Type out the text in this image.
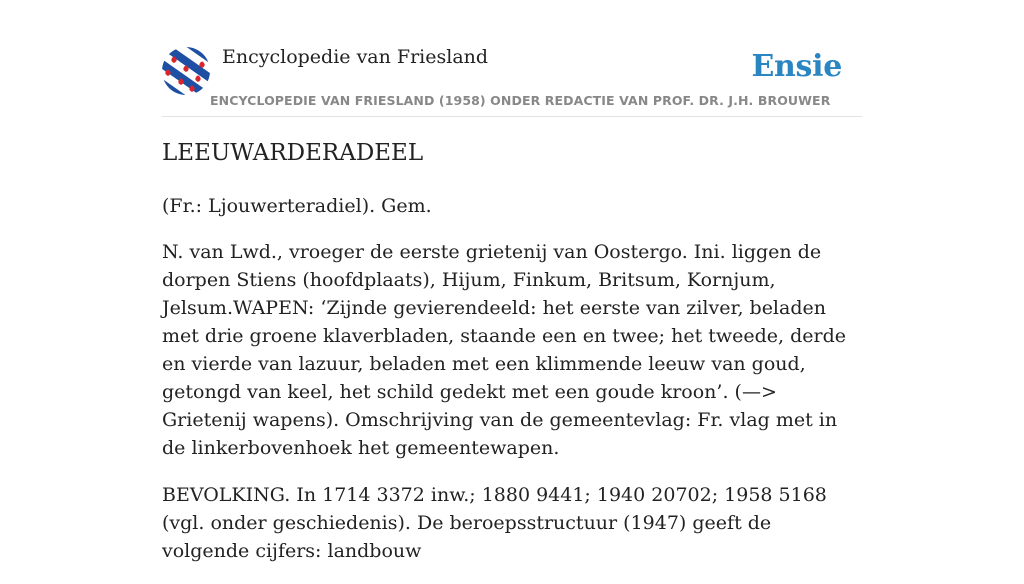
Encyclopedie van Friesland	Ensie
ENCYCLOPEDIE VAN FRIESLAND (1958) ONDER REDACTIE VAN PROF. DR. J.H. BROUWER
LEEUWARDERADEEL

(Fr.: Ljouwerteradiel). Gem.

N. van Lwd., vroeger de eerste grietenij van Oostergo. Ini. liggen de dorpen Stiens (hoofdplaats), Hijum, Finkum, Britsum, Kornjum, Jelsum.WAPEN: ‘Zijnde gevierendeeld: het eerste van zilver, beladen met drie groene klaverbladen, staande een en twee; het tweede, derde en vierde van lazuur, beladen met een klimmende leeuw van goud, getongd van keel, het schild gedekt met een goude kroon’. (—> Grietenij wapens). Omschrijving van de gemeentevlag: Fr. vlag met in de linkerbovenhoek het gemeentewapen.

BEVOLKING. In 1714 3372 inw.; 1880 9441; 1940 20702; 1958 5168 (vgl. onder geschiedenis). De beroepsstructuur (1947) geeft de volgende cijfers: landbouw
